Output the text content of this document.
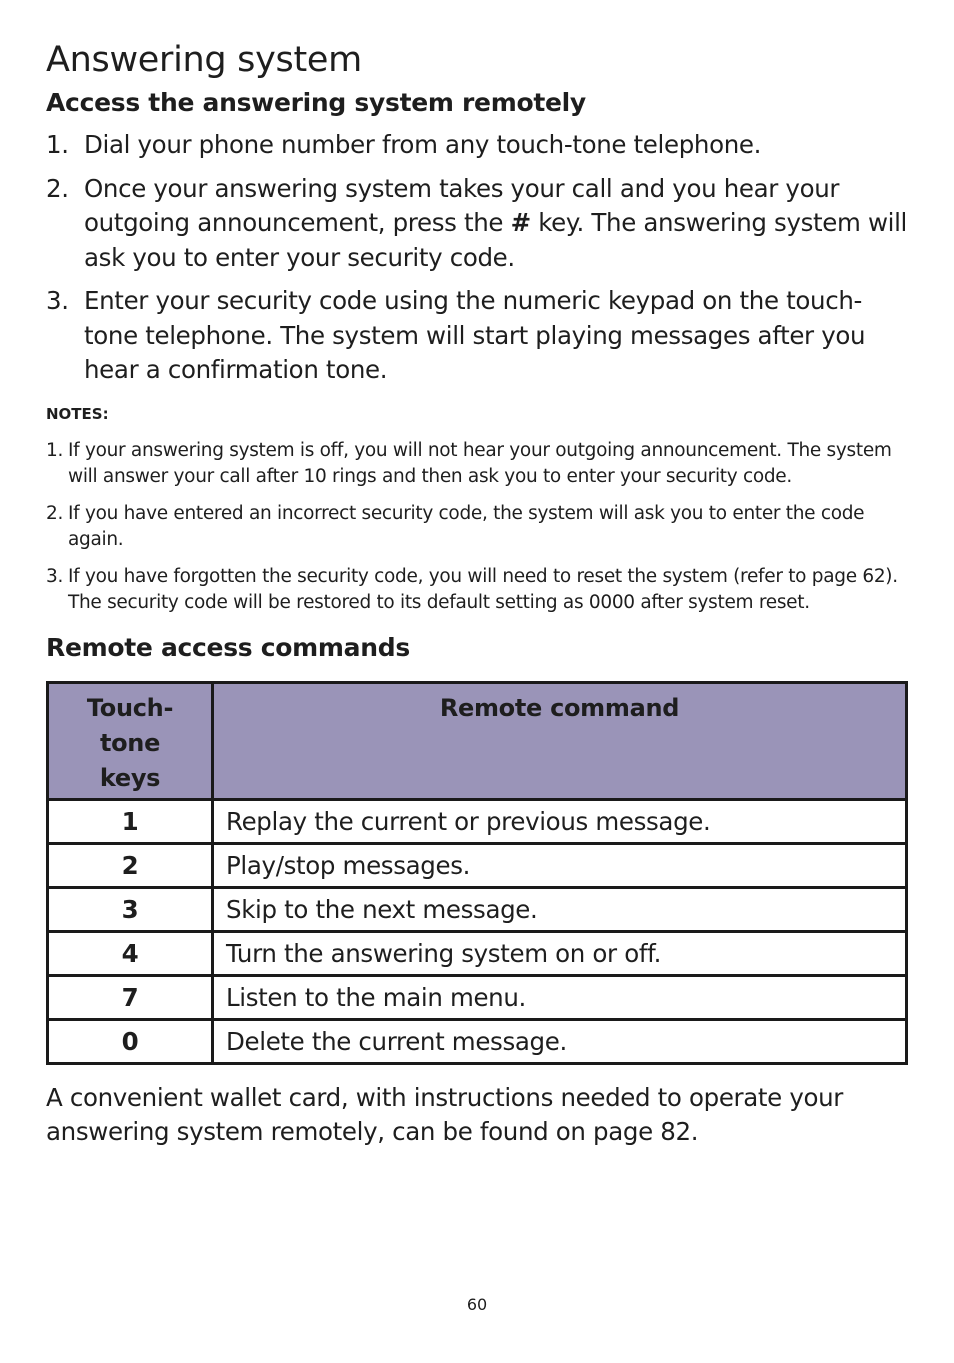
Answering system
Access the answering system remotely
1. Dial your phone number from any touch-tone telephone.
2. Once your answering system takes your call and you hear your outgoing announcement, press the # key. The answering system will ask you to enter your security code.
3. Enter your security code using the numeric keypad on the touch-tone telephone. The system will start playing messages after you hear a confirmation tone.
NOTES:
1. If your answering system is off, you will not hear your outgoing announcement. The system will answer your call after 10 rings and then ask you to enter your security code.
2. If you have entered an incorrect security code, the system will ask you to enter the code again.
3. If you have forgotten the security code, you will need to reset the system (refer to page 62). The security code will be restored to its default setting as 0000 after system reset.
Remote access commands
Touch-tone keys	Remote command
1	Replay the current or previous message.
2	Play/stop messages.
3	Skip to the next message.
4	Turn the answering system on or off.
7	Listen to the main menu.
0	Delete the current message.

A convenient wallet card, with instructions needed to operate your answering system remotely, can be found on page 82.

60
